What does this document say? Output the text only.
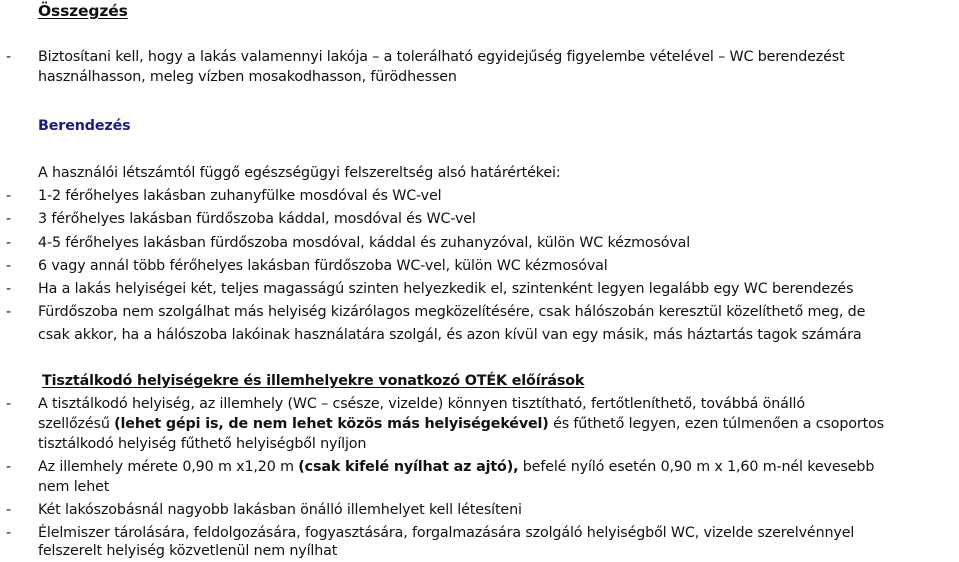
Összegzés
- Biztosítani kell, hogy a lakás valamennyi lakója – a tolerálható egyidejűség figyelembe vételével – WC berendezést
használhasson, meleg vízben mosakodhasson, fürödhessen
Berendezés
A használói létszámtól függő egészségügyi felszereltség alsó határértékei:
- 1-2 férőhelyes lakásban zuhanyfülke mosdóval és WC-vel
- 3 férőhelyes lakásban fürdőszoba káddal, mosdóval és WC-vel
- 4-5 férőhelyes lakásban fürdőszoba mosdóval, káddal és zuhanyzóval, külön WC kézmosóval
- 6 vagy annál több férőhelyes lakásban fürdőszoba WC-vel, külön WC kézmosóval
- Ha a lakás helyiségei két, teljes magasságú szinten helyezkedik el, szintenként legyen legalább egy WC berendezés
- Fürdőszoba nem szolgálhat más helyiség kizárólagos megközelítésére, csak hálószobán keresztül közelíthető meg, de
csak akkor, ha a hálószoba lakóinak használatára szolgál, és azon kívül van egy másik, más háztartás tagok számára
Tisztálkodó helyiségekre és illemhelyekre vonatkozó OTÉK előírások
- A tisztálkodó helyiség, az illemhely (WC – csésze, vizelde) könnyen tisztítható, fertőtleníthető, továbbá önálló
szellőzésű (lehet gépi is, de nem lehet közös más helyiségekével) és fűthető legyen, ezen túlmenően a csoportos
tisztálkodó helyiség fűthető helyiségből nyíljon
- Az illemhely mérete 0,90 m x1,20 m (csak kifelé nyílhat az ajtó), befelé nyíló esetén 0,90 m x 1,60 m-nél kevesebb
nem lehet
- Két lakószobásnál nagyobb lakásban önálló illemhelyet kell létesíteni
- Élelmiszer tárolására, feldolgozására, fogyasztására, forgalmazására szolgáló helyiségből WC, vizelde szerelvénnyel
felszerelt helyiség közvetlenül nem nyílhat
